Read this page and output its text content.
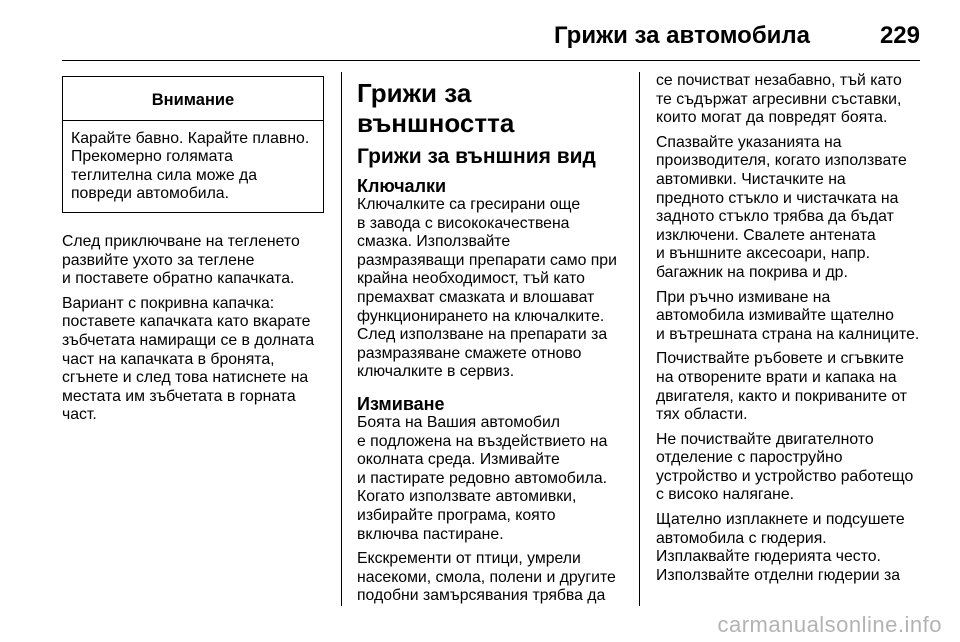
Грижи за автомобила	229
Внимание
Карайте бавно. Карайте плавно.
Прекомерно голямата
теглителна сила може да
повреди автомобила.

След приключване на тегленето
развийте ухото за теглене
и поставете обратно капачката.

Вариант с покривна капачка:
поставете капачката като вкарате
зъбчетата намиращи се в долната
част на капачката в бронята,
сгънете и след това натиснете на
местата им зъбчетата в горната
част.

Грижи за външността
Грижи за външния вид
Ключалки

Ключалките са гресирани още
в завода с висококачествена
смазка. Използвайте
размразяващи препарати само при
крайна необходимост, тъй като
премахват смазката и влошават
функционирането на ключалките.
След използване на препарати за
размразяване смажете отново
ключалките в сервиз.

Измиване

Боята на Вашия автомобил
е подложена на въздействието на
околната среда. Измивайте
и пастирате редовно автомобила.
Когато използвате автомивки,
избирайте програма, която
включва пастиране.

Екскременти от птици, умрели
насекоми, смола, полени и другите
подобни замърсявания трябва да

се почистват незабавно, тъй като
те съдържат агресивни съставки,
които могат да повредят боята.

Спазвайте указанията на
производителя, когато използвате
автомивки. Чистачките на
предното стъкло и чистачката на
задното стъкло трябва да бъдат
изключени. Свалете антената
и външните аксесоари, напр.
багажник на покрива и др.

При ръчно измиване на
автомобила измивайте щателно
и вътрешната страна на калниците.

Почиствайте ръбовете и сгъвките
на отворените врати и капака на
двигателя, както и покриваните от
тях области.

Не почиствайте двигателното
отделение с пароструйно
устройство и устройство работещо
с високо налягане.

Щателно изплакнете и подсушете
автомобила с гюдерия.
Изплаквайте гюдерията често.
Използвайте отделни гюдерии за

carmanualsonline.info
